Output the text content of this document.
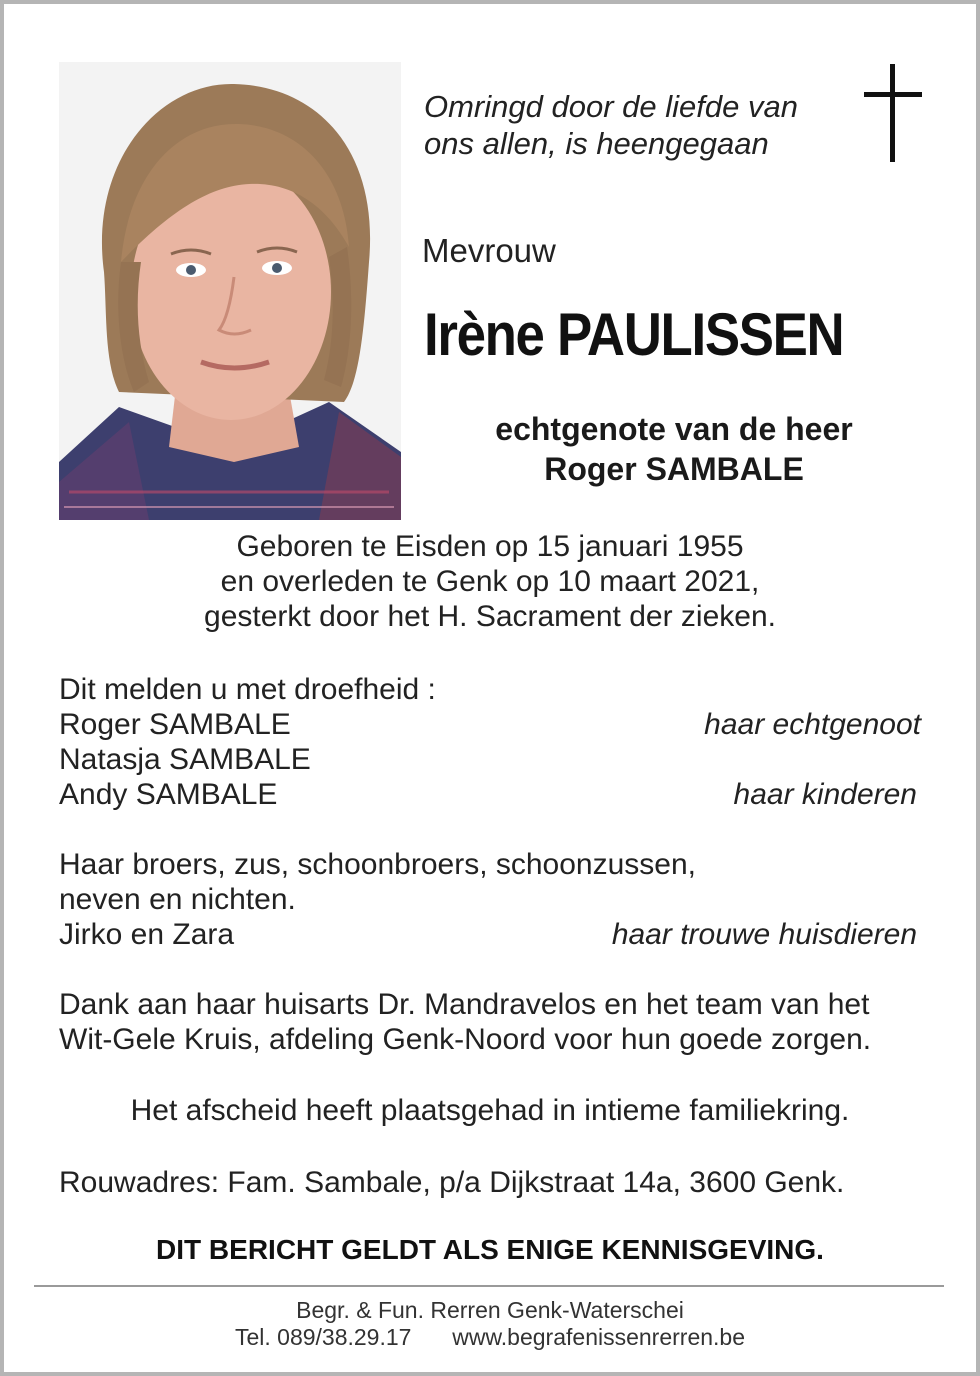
Omringd door de liefde van
ons allen, is heengegaan
Mevrouw
Irène PAULISSEN
echtgenote van de heer
Roger SAMBALE
Geboren te Eisden op 15 januari 1955
en overleden te Genk op 10 maart 2021,
gesterkt door het H. Sacrament der zieken.
Dit melden u met droefheid :
Roger SAMBALE	haar echtgenoot
Natasja SAMBALE
Andy SAMBALE	haar kinderen
Haar broers, zus, schoonbroers, schoonzussen,
neven en nichten.
Jirko en Zara	haar trouwe huisdieren
Dank aan haar huisarts Dr. Mandravelos en het team van het
Wit-Gele Kruis, afdeling Genk-Noord voor hun goede zorgen.
Het afscheid heeft plaatsgehad in intieme familiekring.
Rouwadres: Fam. Sambale, p/a Dijkstraat 14a, 3600 Genk.
DIT BERICHT GELDT ALS ENIGE KENNISGEVING.
Begr. & Fun. Rerren Genk-Waterschei
Tel. 089/38.29.17 www.begrafenissenrerren.be
